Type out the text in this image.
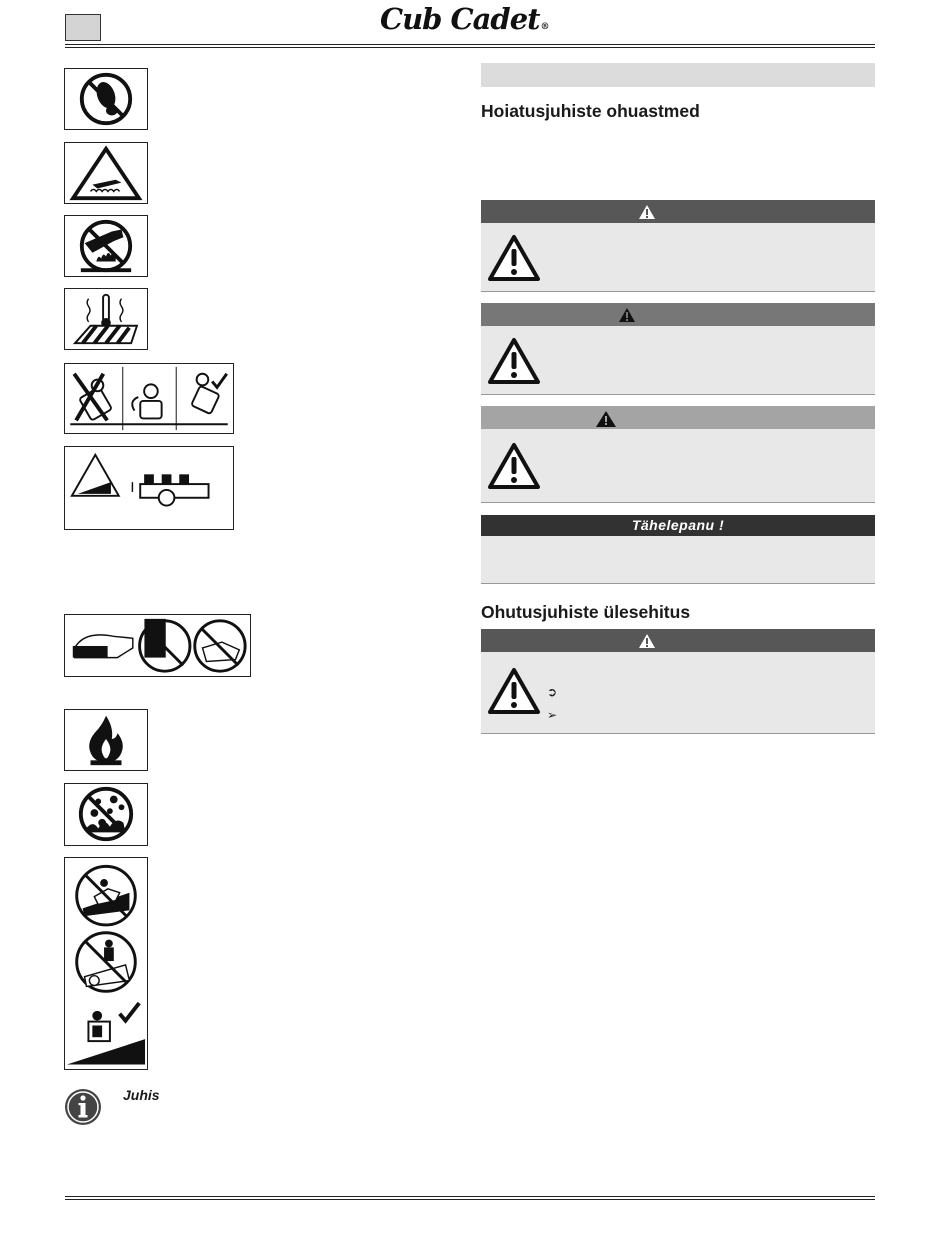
Cub Cadet®
Juhis
Hoiatusjuhiste ohuastmed
Tähelepanu !
Ohutusjuhiste ülesehitus
➲
➢
